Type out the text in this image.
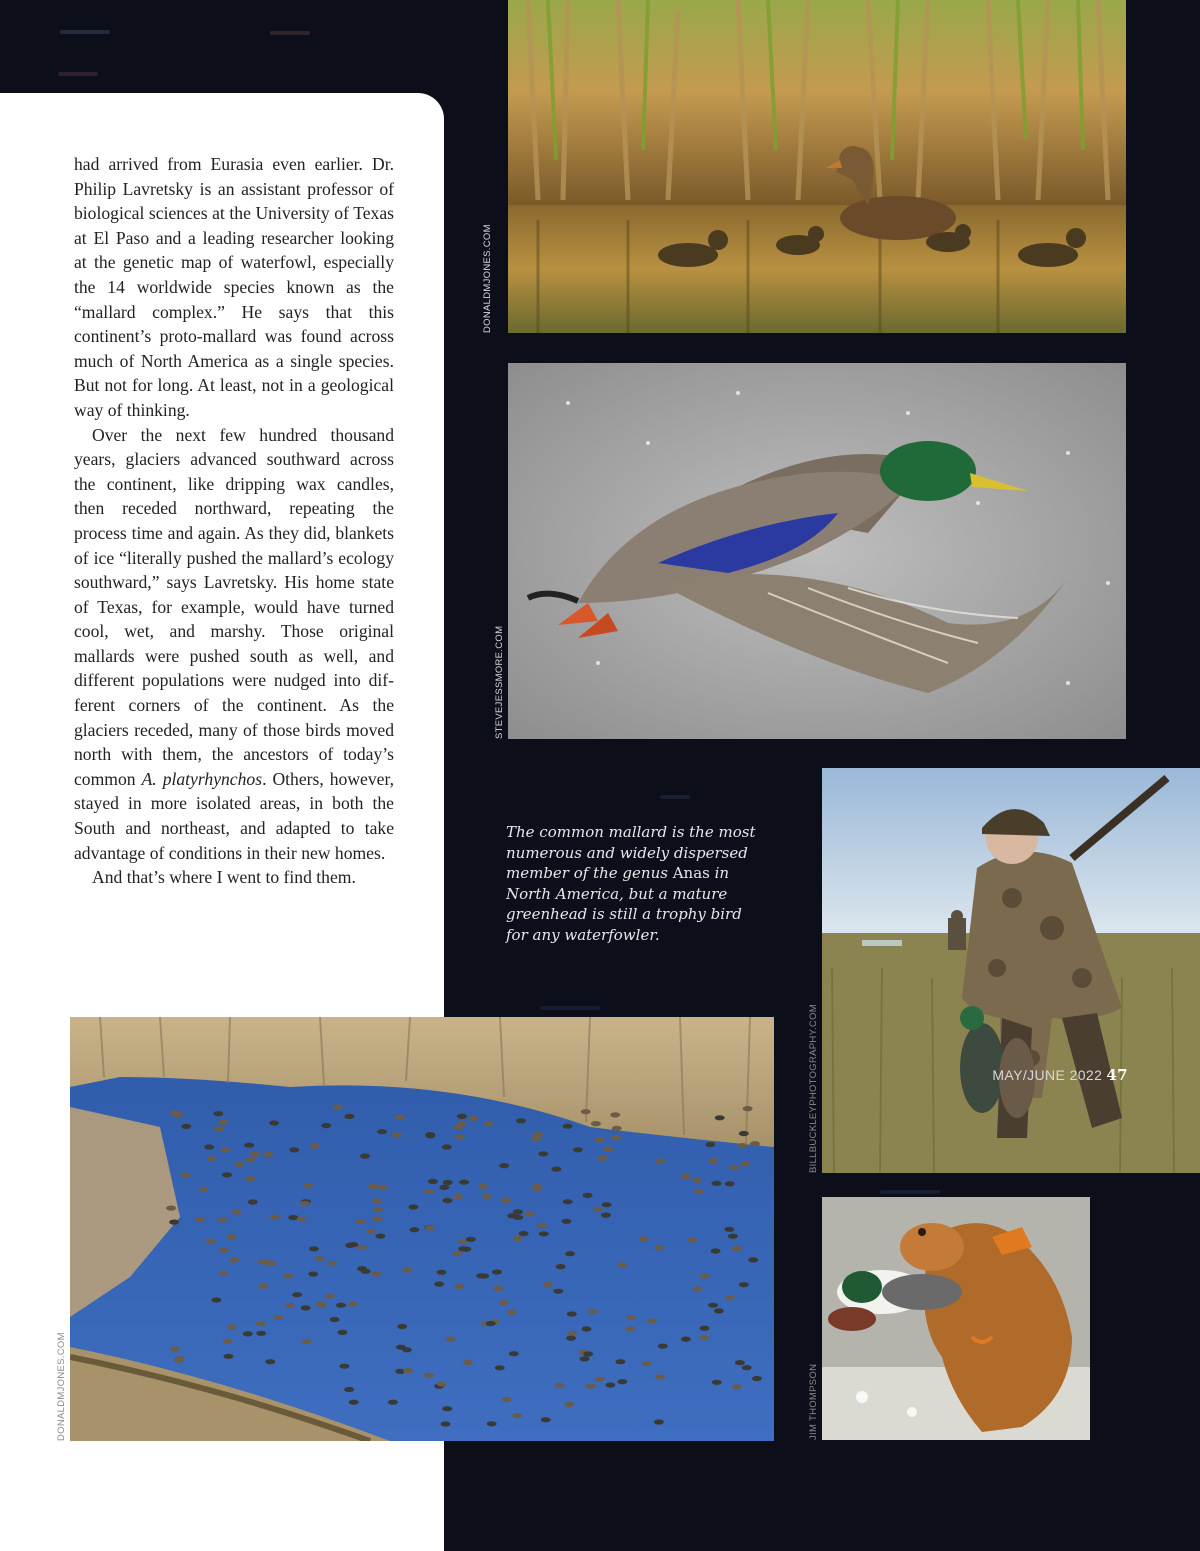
had arrived from Eurasia even earlier. Dr. Philip Lavretsky is an assistant professor of biological sciences at the University of Texas at El Paso and a leading researcher looking at the genetic map of waterfowl, especially the 14 worldwide species known as the “mallard complex.” He says that this continent’s proto-mallard was found across much of North America as a single species. But not for long. At least, not in a geological way of thinking.

Over the next few hundred thousand years, glaciers advanced southward across the continent, like dripping wax candles, then receded northward, repeating the process time and again. As they did, blankets of ice “literally pushed the mallard’s ecology southward,” says Lavretsky. His home state of Texas, for example, would have turned cool, wet, and marshy. Those original mallards were pushed south as well, and different populations were nudged into different corners of the continent. As the glaciers receded, many of those birds moved north with them, the ancestors of today’s common A. platyrhynchos. Others, however, stayed in more isolated areas, in both the South and northeast, and adapted to take advantage of conditions in their new homes.

And that’s where I went to find them.

DONALDMJONES.COM
STEVEJESSMORE.COM
BILLBUCKLEYPHOTOGRAPHY.COM
JIM THOMPSON
DONALDMJONES.COM
The common mallard is the most numerous and widely dispersed member of the genus Anas in North America, but a mature greenhead is still a trophy bird for any waterfowler.
MAY/JUNE 2022 47
